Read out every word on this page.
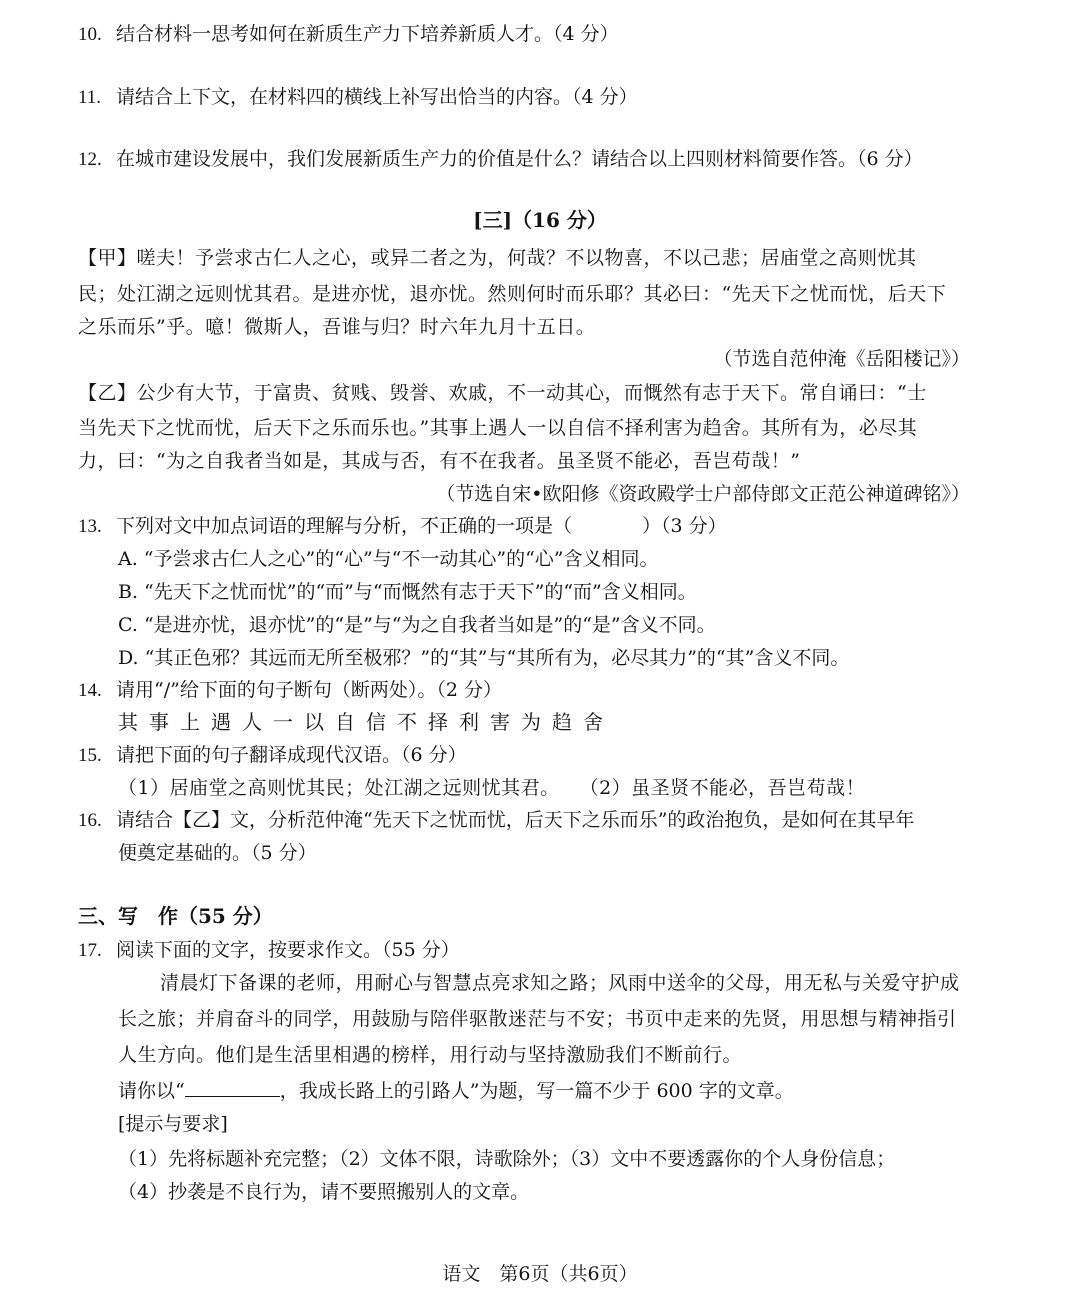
10. 结合材料一思考如何在新质生产力下培养新质人才。（4 分）
11. 请结合上下文，在材料四的横线上补写出恰当的内容。（4 分）
12. 在城市建设发展中，我们发展新质生产力的价值是什么？请结合以上四则材料简要作答。（6 分）
[三]（16 分）
【甲】嗟夫！予尝求古仁人之心，或异二者之为，何哉？不以物喜，不以己悲；居庙堂之高则忧其
民；处江湖之远则忧其君。是进亦忧，退亦忧。然则何时而乐耶？其必曰：“先天下之忧而忧，后天下
之乐而乐”乎。噫！微斯人，吾谁与归？时六年九月十五日。
（节选自范仲淹《岳阳楼记》）
【乙】公少有大节，于富贵、贫贱、毁誉、欢戚，不一动其心，而慨然有志于天下。常自诵曰：“士
当先天下之忧而忧，后天下之乐而乐也。”其事上遇人一以自信不择利害为趋舍。其所有为，必尽其
力，曰：“为之自我者当如是，其成与否，有不在我者。虽圣贤不能必，吾岂苟哉！”
（节选自宋•欧阳修《资政殿学士户部侍郎文正范公神道碑铭》）
13. 下列对文中加点词语的理解与分析，不正确的一项是（	）（3 分）
A. “予尝求古仁人之心”的“心”与“不一动其心”的“心”含义相同。
B. “先天下之忧而忧”的“而”与“而慨然有志于天下”的“而”含义相同。
C. “是进亦忧，退亦忧”的“是”与“为之自我者当如是”的“是”含义不同。
D. “其正色邪？其远而无所至极邪？”的“其”与“其所有为，必尽其力”的“其”含义不同。
14. 请用“/”给下面的句子断句（断两处）。（2 分）
其事上遇人一以自信不择利害为趋舍
15. 请把下面的句子翻译成现代汉语。（6 分）
（1）居庙堂之高则忧其民；处江湖之远则忧其君。　　（2）虽圣贤不能必，吾岂苟哉！
16. 请结合【乙】文，分析范仲淹“先天下之忧而忧，后天下之乐而乐”的政治抱负，是如何在其早年
便奠定基础的。（5 分）
三、写　作（55 分）
17. 阅读下面的文字，按要求作文。（55 分）
清晨灯下备课的老师，用耐心与智慧点亮求知之路；风雨中送伞的父母，用无私与关爱守护成
长之旅；并肩奋斗的同学，用鼓励与陪伴驱散迷茫与不安；书页中走来的先贤，用思想与精神指引
人生方向。他们是生活里相遇的榜样，用行动与坚持激励我们不断前行。
请你以“	，我成长路上的引路人”为题，写一篇不少于 600 字的文章。
[提示与要求]
（1）先将标题补充完整；（2）文体不限，诗歌除外；（3）文中不要透露你的个人身份信息；
（4）抄袭是不良行为，请不要照搬别人的文章。
语文　第6页（共6页）
